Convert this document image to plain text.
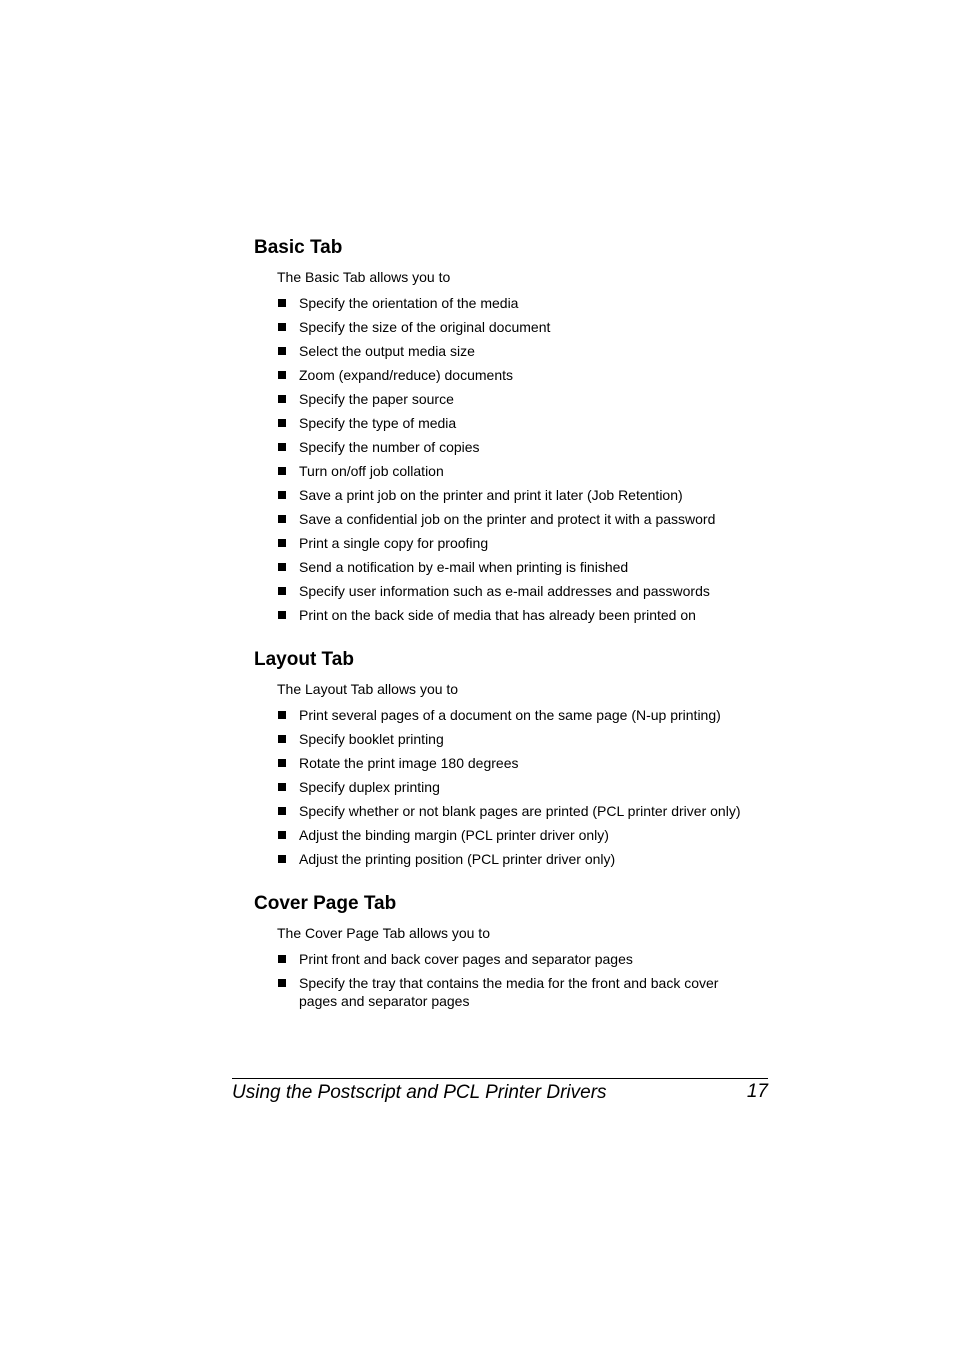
Basic Tab

The Basic Tab allows you to

Specify the orientation of the media
Specify the size of the original document
Select the output media size
Zoom (expand/reduce) documents
Specify the paper source
Specify the type of media
Specify the number of copies
Turn on/off job collation
Save a print job on the printer and print it later (Job Retention)
Save a confidential job on the printer and protect it with a password
Print a single copy for proofing
Send a notification by e-mail when printing is finished
Specify user information such as e-mail addresses and passwords
Print on the back side of media that has already been printed on
Layout Tab

The Layout Tab allows you to

Print several pages of a document on the same page (N-up printing)
Specify booklet printing
Rotate the print image 180 degrees
Specify duplex printing
Specify whether or not blank pages are printed (PCL printer driver only)
Adjust the binding margin (PCL printer driver only)
Adjust the printing position (PCL printer driver only)
Cover Page Tab

The Cover Page Tab allows you to

Print front and back cover pages and separator pages
Specify the tray that contains the media for the front and back cover pages and separator pages
Using the Postscript and PCL Printer Drivers	17
